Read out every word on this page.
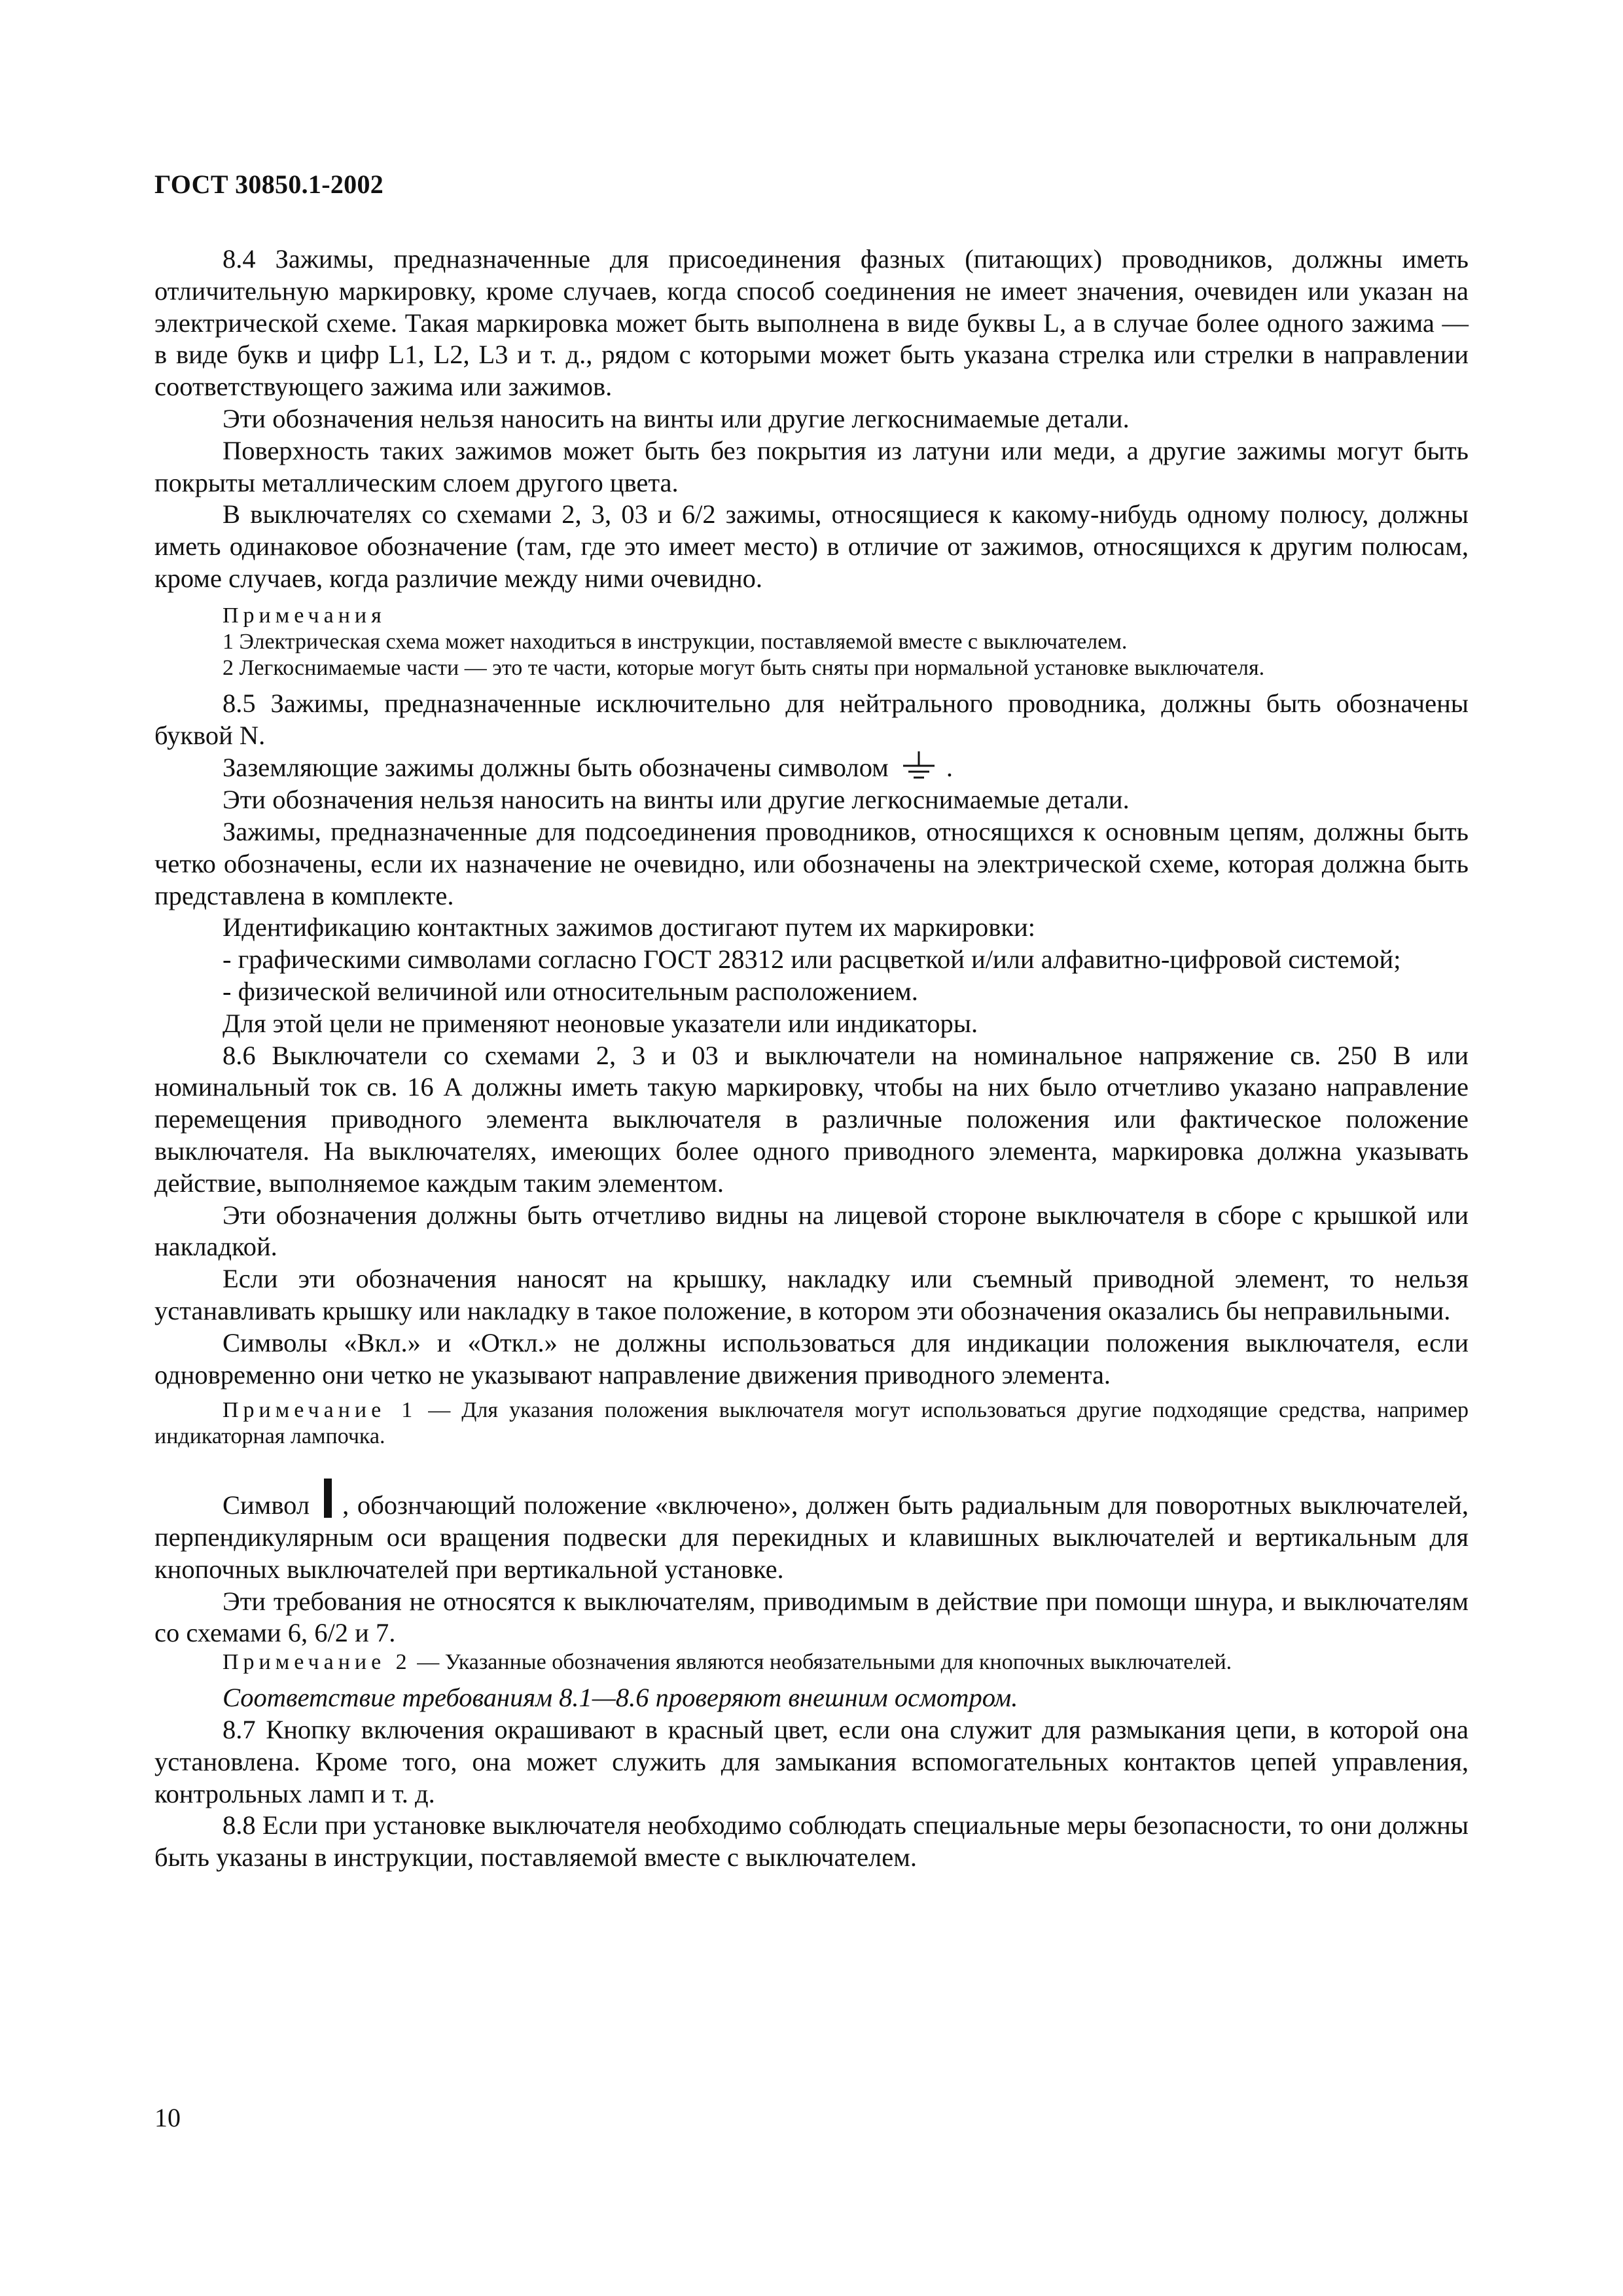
ГОСТ 30850.1-2002

8.4 Зажимы, предназначенные для присоединения фазных (питающих) проводников, должны иметь отличительную маркировку, кроме случаев, когда способ соединения не имеет значения, очевиден или указан на электрической схеме. Такая маркировка может быть выполнена в виде буквы L, а в случае более одного зажима — в виде букв и цифр L1, L2, L3 и т. д., рядом с которыми может быть указана стрелка или стрелки в направлении соответствующего зажима или зажимов.

Эти обозначения нельзя наносить на винты или другие легкоснимаемые детали.

Поверхность таких зажимов может быть без покрытия из латуни или меди, а другие зажимы могут быть покрыты металлическим слоем другого цвета.

В выключателях со схемами 2, 3, 03 и 6/2 зажимы, относящиеся к какому-нибудь одному полюсу, должны иметь одинаковое обозначение (там, где это имеет место) в отличие от зажимов, относящихся к другим полюсам, кроме случаев, когда различие между ними очевидно.

Примечания

1 Электрическая схема может находиться в инструкции, поставляемой вместе с выключателем.

2 Легкоснимаемые части — это те части, которые могут быть сняты при нормальной установке выключателя.

8.5 Зажимы, предназначенные исключительно для нейтрального проводника, должны быть обозначены буквой N.

Заземляющие зажимы должны быть обозначены символом .

Эти обозначения нельзя наносить на винты или другие легкоснимаемые детали.

Зажимы, предназначенные для подсоединения проводников, относящихся к основным цепям, должны быть четко обозначены, если их назначение не очевидно, или обозначены на электрической схеме, которая должна быть представлена в комплекте.

Идентификацию контактных зажимов достигают путем их маркировки:

- графическими символами согласно ГОСТ 28312 или расцветкой и/или алфавитно-цифровой системой;

- физической величиной или относительным расположением.

Для этой цели не применяют неоновые указатели или индикаторы.

8.6 Выключатели со схемами 2, 3 и 03 и выключатели на номинальное напряжение св. 250 В или номинальный ток св. 16 А должны иметь такую маркировку, чтобы на них было отчетливо указано направление перемещения приводного элемента выключателя в различные положения или фактическое положение выключателя. На выключателях, имеющих более одного приводного элемента, маркировка должна указывать действие, выполняемое каждым таким элементом.

Эти обозначения должны быть отчетливо видны на лицевой стороне выключателя в сборе с крышкой или накладкой.

Если эти обозначения наносят на крышку, накладку или съемный приводной элемент, то нельзя устанавливать крышку или накладку в такое положение, в котором эти обозначения оказались бы неправильными.

Символы «Вкл.» и «Откл.» не должны использоваться для индикации положения выключателя, если одновременно они четко не указывают направление движения приводного элемента.

Примечание 1 — Для указания положения выключателя могут использоваться другие подходящие средства, например индикаторная лампочка.

Символ , обознчающий положение «включено», должен быть радиальным для поворотных выключателей, перпендикулярным оси вращения подвески для перекидных и клавишных выключателей и вертикальным для кнопочных выключателей при вертикальной установке.

Эти требования не относятся к выключателям, приводимым в действие при помощи шнура, и выключателям со схемами 6, 6/2 и 7.

Примечание 2 — Указанные обозначения являются необязательными для кнопочных выключателей.

Соответствие требованиям 8.1—8.6 проверяют внешним осмотром.

8.7 Кнопку включения окрашивают в красный цвет, если она служит для размыкания цепи, в которой она установлена. Кроме того, она может служить для замыкания вспомогательных контактов цепей управления, контрольных ламп и т. д.

8.8 Если при установке выключателя необходимо соблюдать специальные меры безопасности, то они должны быть указаны в инструкции, поставляемой вместе с выключателем.

10
